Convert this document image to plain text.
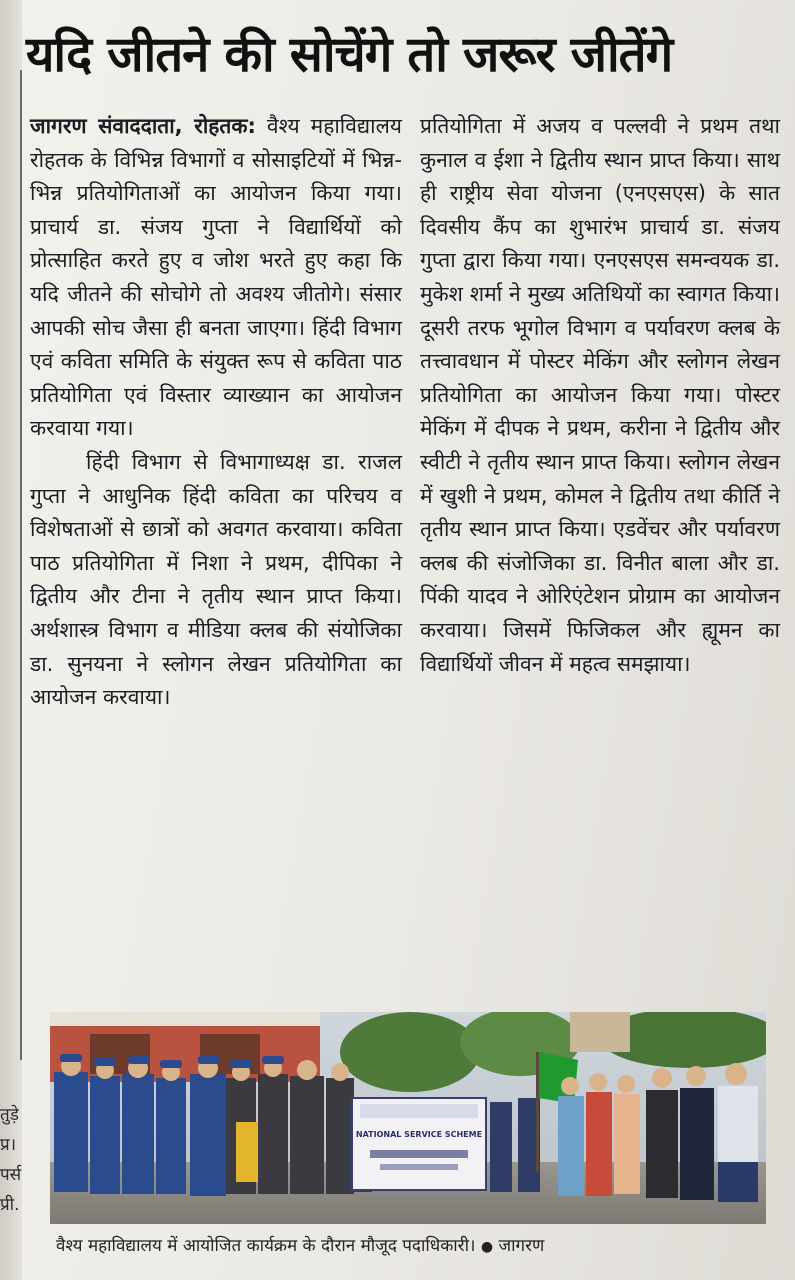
तुड़े
प्र।
पर्स
प्री.
यदि जीतने की सोचेंगे तो जरूर जीतेंगे

जागरण संवाददाता, रोहतक: वैश्य महाविद्यालय रोहतक के विभिन्न विभागों व सोसाइटियों में भिन्न-भिन्न प्रतियोगिताओं का आयोजन किया गया। प्राचार्य डा. संजय गुप्ता ने विद्यार्थियों को प्रोत्साहित करते हुए व जोश भरते हुए कहा कि यदि जीतने की सोचोगे तो अवश्य जीतोगे। संसार आपकी सोच जैसा ही बनता जाएगा। हिंदी विभाग एवं कविता समिति के संयुक्त रूप से कविता पाठ प्रतियोगिता एवं विस्तार व्याख्यान का आयोजन करवाया गया।

हिंदी विभाग से विभागाध्यक्ष डा. राजल गुप्ता ने आधुनिक हिंदी कविता का परिचय व विशेषताओं से छात्रों को अवगत करवाया। कविता पाठ प्रतियोगिता में निशा ने प्रथम, दीपिका ने द्वितीय और टीना ने तृतीय स्थान प्राप्त किया। अर्थशास्त्र विभाग व मीडिया क्लब की संयोजिका डा. सुनयना ने स्लोगन लेखन प्रतियोगिता का आयोजन करवाया।

प्रतियोगिता में अजय व पल्लवी ने प्रथम तथा कुनाल व ईशा ने द्वितीय स्थान प्राप्त किया। साथ ही राष्ट्रीय सेवा योजना (एनएसएस) के सात दिवसीय कैंप का शुभारंभ प्राचार्य डा. संजय गुप्ता द्वारा किया गया। एनएसएस समन्वयक डा. मुकेश शर्मा ने मुख्य अतिथियों का स्वागत किया। दूसरी तरफ भूगोल विभाग व पर्यावरण क्लब के तत्त्वावधान में पोस्टर मेकिंग और स्लोगन लेखन प्रतियोगिता का आयोजन किया गया। पोस्टर मेकिंग में दीपक ने प्रथम, करीना ने द्वितीय और स्वीटी ने तृतीय स्थान प्राप्त किया। स्लोगन लेखन में खुशी ने प्रथम, कोमल ने द्वितीय तथा कीर्ति ने तृतीय स्थान प्राप्त किया। एडवेंचर और पर्यावरण क्लब की संजोजिका डा. विनीत बाला और डा. पिंकी यादव ने ओरिएंटेशन प्रोग्राम का आयोजन करवाया। जिसमें फिजिकल और ह्यूमन का विद्यार्थियों जीवन में महत्व समझाया।

NATIONAL SERVICE SCHEME
वैश्य महाविद्यालय में आयोजित कार्यक्रम के दौरान मौजूद पदाधिकारी। ● जागरण
